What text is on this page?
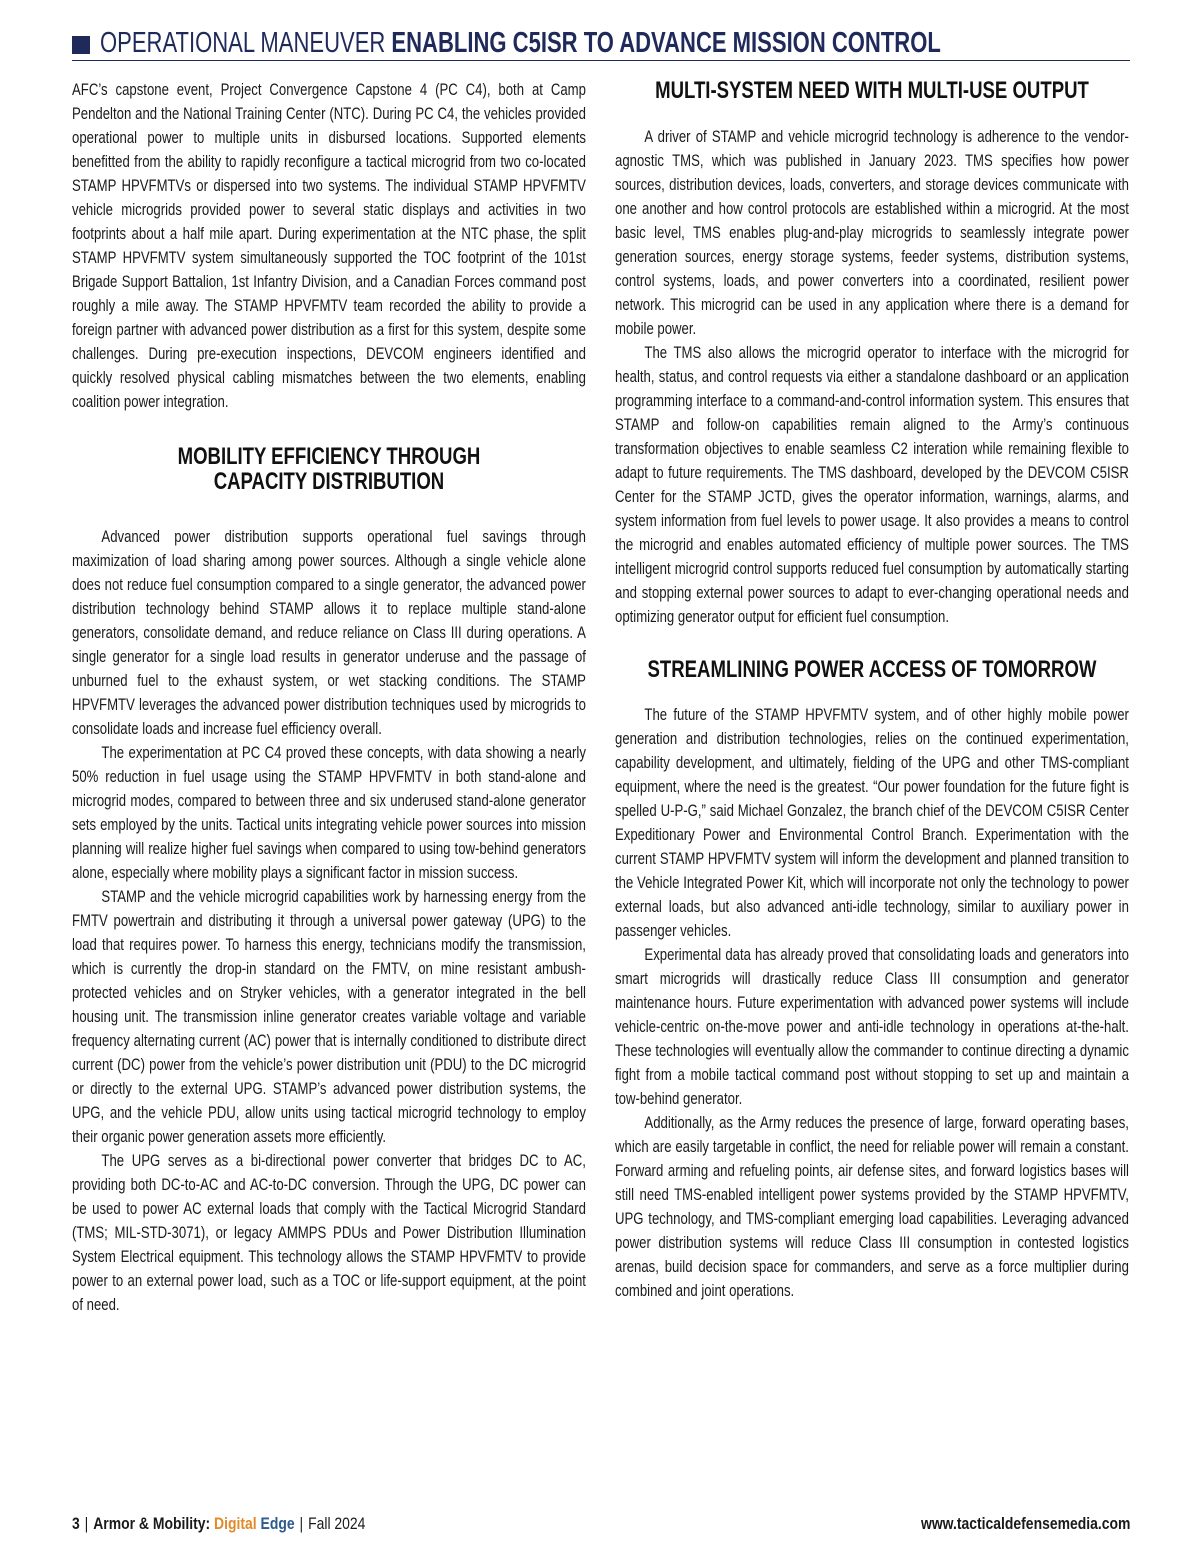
OPERATIONAL MANEUVER ENABLING C5ISR TO ADVANCE MISSION CONTROL

AFC’s capstone event, Project Convergence Capstone 4 (PC C4), both at Camp Pendelton and the National Training Center (NTC). During PC C4, the vehicles provided operational power to multiple units in disbursed locations. Supported elements benefitted from the ability to rapidly reconfigure a tactical microgrid from two co-located STAMP HPVFMTVs or dispersed into two systems. The individual STAMP HPVFMTV vehicle microgrids provided power to several static displays and activities in two footprints about a half mile apart. During experimentation at the NTC phase, the split STAMP HPVFMTV system simultaneously supported the TOC footprint of the 101st Brigade Support Battalion, 1st Infantry Division, and a Canadian Forces command post roughly a mile away. The STAMP HPVFMTV team recorded the ability to provide a foreign partner with advanced power distribution as a first for this system, despite some challenges. During pre-execution inspections, DEVCOM engineers identified and quickly resolved physical cabling mismatches between the two elements, enabling coalition power integration.

MOBILITY EFFICIENCY THROUGH
CAPACITY DISTRIBUTION

Advanced power distribution supports operational fuel savings through maximization of load sharing among power sources. Although a single vehicle alone does not reduce fuel consumption compared to a single generator, the advanced power distribution technology behind STAMP allows it to replace multiple stand-alone generators, consolidate demand, and reduce reliance on Class III during operations. A single generator for a single load results in generator underuse and the passage of unburned fuel to the exhaust system, or wet stacking conditions. The STAMP HPVFMTV leverages the advanced power distribution techniques used by microgrids to consolidate loads and increase fuel efficiency overall.

The experimentation at PC C4 proved these concepts, with data showing a nearly 50% reduction in fuel usage using the STAMP HPVFMTV in both stand-alone and microgrid modes, compared to between three and six underused stand-alone generator sets employed by the units. Tactical units integrating vehicle power sources into mission planning will realize higher fuel savings when compared to using tow-behind generators alone, especially where mobility plays a significant factor in mission success.

STAMP and the vehicle microgrid capabilities work by harnessing energy from the FMTV powertrain and distributing it through a universal power gateway (UPG) to the load that requires power. To harness this energy, technicians modify the transmission, which is currently the drop-in standard on the FMTV, on mine resistant ambush-protected vehicles and on Stryker vehicles, with a generator integrated in the bell housing unit. The transmission inline generator creates variable voltage and variable frequency alternating current (AC) power that is internally conditioned to distribute direct current (DC) power from the vehicle’s power distribution unit (PDU) to the DC microgrid or directly to the external UPG. STAMP’s advanced power distribution systems, the UPG, and the vehicle PDU, allow units using tactical microgrid technology to employ their organic power generation assets more efficiently.

The UPG serves as a bi-directional power converter that bridges DC to AC, providing both DC-to-AC and AC-to-DC conversion. Through the UPG, DC power can be used to power AC external loads that comply with the Tactical Microgrid Standard (TMS; MIL-STD-3071), or legacy AMMPS PDUs and Power Distribution Illumination System Electrical equipment. This technology allows the STAMP HPVFMTV to provide power to an external power load, such as a TOC or life-support equipment, at the point of need.

MULTI-SYSTEM NEED WITH MULTI-USE OUTPUT

A driver of STAMP and vehicle microgrid technology is adherence to the vendor-agnostic TMS, which was published in January 2023. TMS specifies how power sources, distribution devices, loads, converters, and storage devices communicate with one another and how control protocols are established within a microgrid. At the most basic level, TMS enables plug-and-play microgrids to seamlessly integrate power generation sources, energy storage systems, feeder systems, distribution systems, control systems, loads, and power converters into a coordinated, resilient power network. This microgrid can be used in any application where there is a demand for mobile power.

The TMS also allows the microgrid operator to interface with the microgrid for health, status, and control requests via either a standalone dashboard or an application programming interface to a command-and-control information system. This ensures that STAMP and follow-on capabilities remain aligned to the Army’s continuous transformation objectives to enable seamless C2 interation while remaining flexible to adapt to future requirements. The TMS dashboard, developed by the DEVCOM C5ISR Center for the STAMP JCTD, gives the operator information, warnings, alarms, and system information from fuel levels to power usage. It also provides a means to control the microgrid and enables automated efficiency of multiple power sources. The TMS intelligent microgrid control supports reduced fuel consumption by automatically starting and stopping external power sources to adapt to ever-changing operational needs and optimizing generator output for efficient fuel consumption.

STREAMLINING POWER ACCESS OF TOMORROW

The future of the STAMP HPVFMTV system, and of other highly mobile power generation and distribution technologies, relies on the continued experimentation, capability development, and ultimately, fielding of the UPG and other TMS-compliant equipment, where the need is the greatest. “Our power foundation for the future fight is spelled U-P-G,” said Michael Gonzalez, the branch chief of the DEVCOM C5ISR Center Expeditionary Power and Environmental Control Branch. Experimentation with the current STAMP HPVFMTV system will inform the development and planned transition to the Vehicle Integrated Power Kit, which will incorporate not only the technology to power external loads, but also advanced anti-idle technology, similar to auxiliary power in passenger vehicles.

Experimental data has already proved that consolidating loads and generators into smart microgrids will drastically reduce Class III consumption and generator maintenance hours. Future experimentation with advanced power systems will include vehicle-centric on-the-move power and anti-idle technology in operations at-the-halt. These technologies will eventually allow the commander to continue directing a dynamic fight from a mobile tactical command post without stopping to set up and maintain a tow-behind generator.

Additionally, as the Army reduces the presence of large, forward operating bases, which are easily targetable in conflict, the need for reliable power will remain a constant. Forward arming and refueling points, air defense sites, and forward logistics bases will still need TMS-enabled intelligent power systems provided by the STAMP HPVFMTV, UPG technology, and TMS-compliant emerging load capabilities. Leveraging advanced power distribution systems will reduce Class III consumption in contested logistics arenas, build decision space for commanders, and serve as a force multiplier during combined and joint operations.

3 | Armor & Mobility: Digital Edge | Fall 2024	www.tacticaldefensemedia.com
